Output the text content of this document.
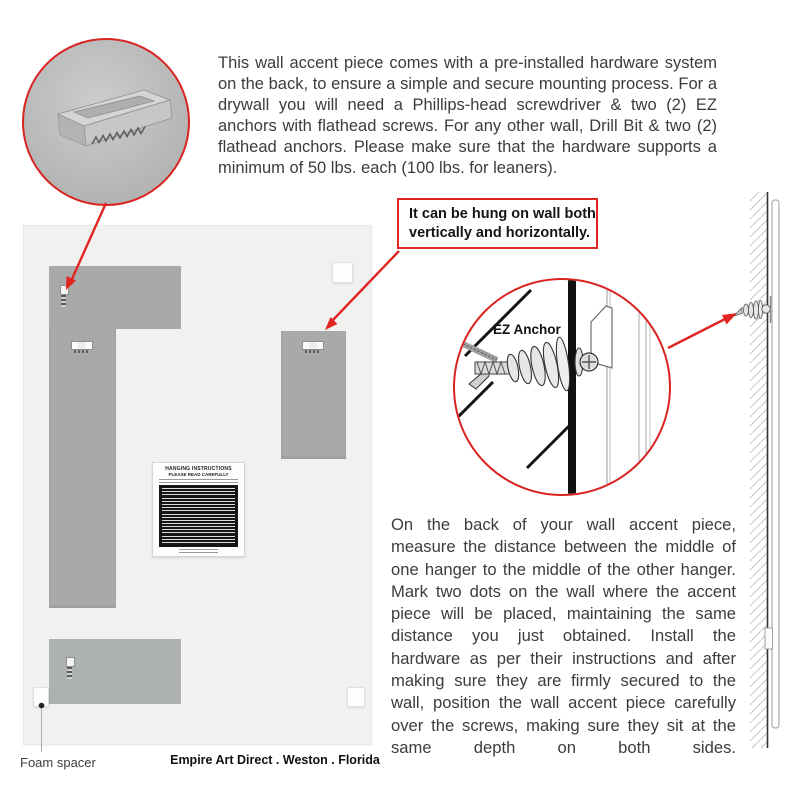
This wall accent piece comes with a pre-installed hardware system on the back, to ensure a simple and secure mounting process. For a drywall you will need a Phillips-head screwdriver & two (2) EZ anchors with flathead screws. For any other wall, Drill Bit & two (2) flathead anchors. Please make sure that the hardware supports a minimum of 50 lbs. each (100 lbs. for leaners).
It can be hung on wall both vertically and horizontally.
HANGING INSTRUCTIONS
PLEASE READ CAREFULLY
EZ Anchor
On the back of your wall accent piece, measure the distance between the middle of one hanger to the middle of the other hanger. Mark two dots on the wall where the accent piece will be placed, maintaining the same distance you just obtained. Install the hardware as per their instructions and after making sure they are firmly secured to the wall, position the wall accent piece carefully over the screws, making sure they sit at the same depth on both sides.
Foam spacer	Empire Art Direct . Weston . Florida
